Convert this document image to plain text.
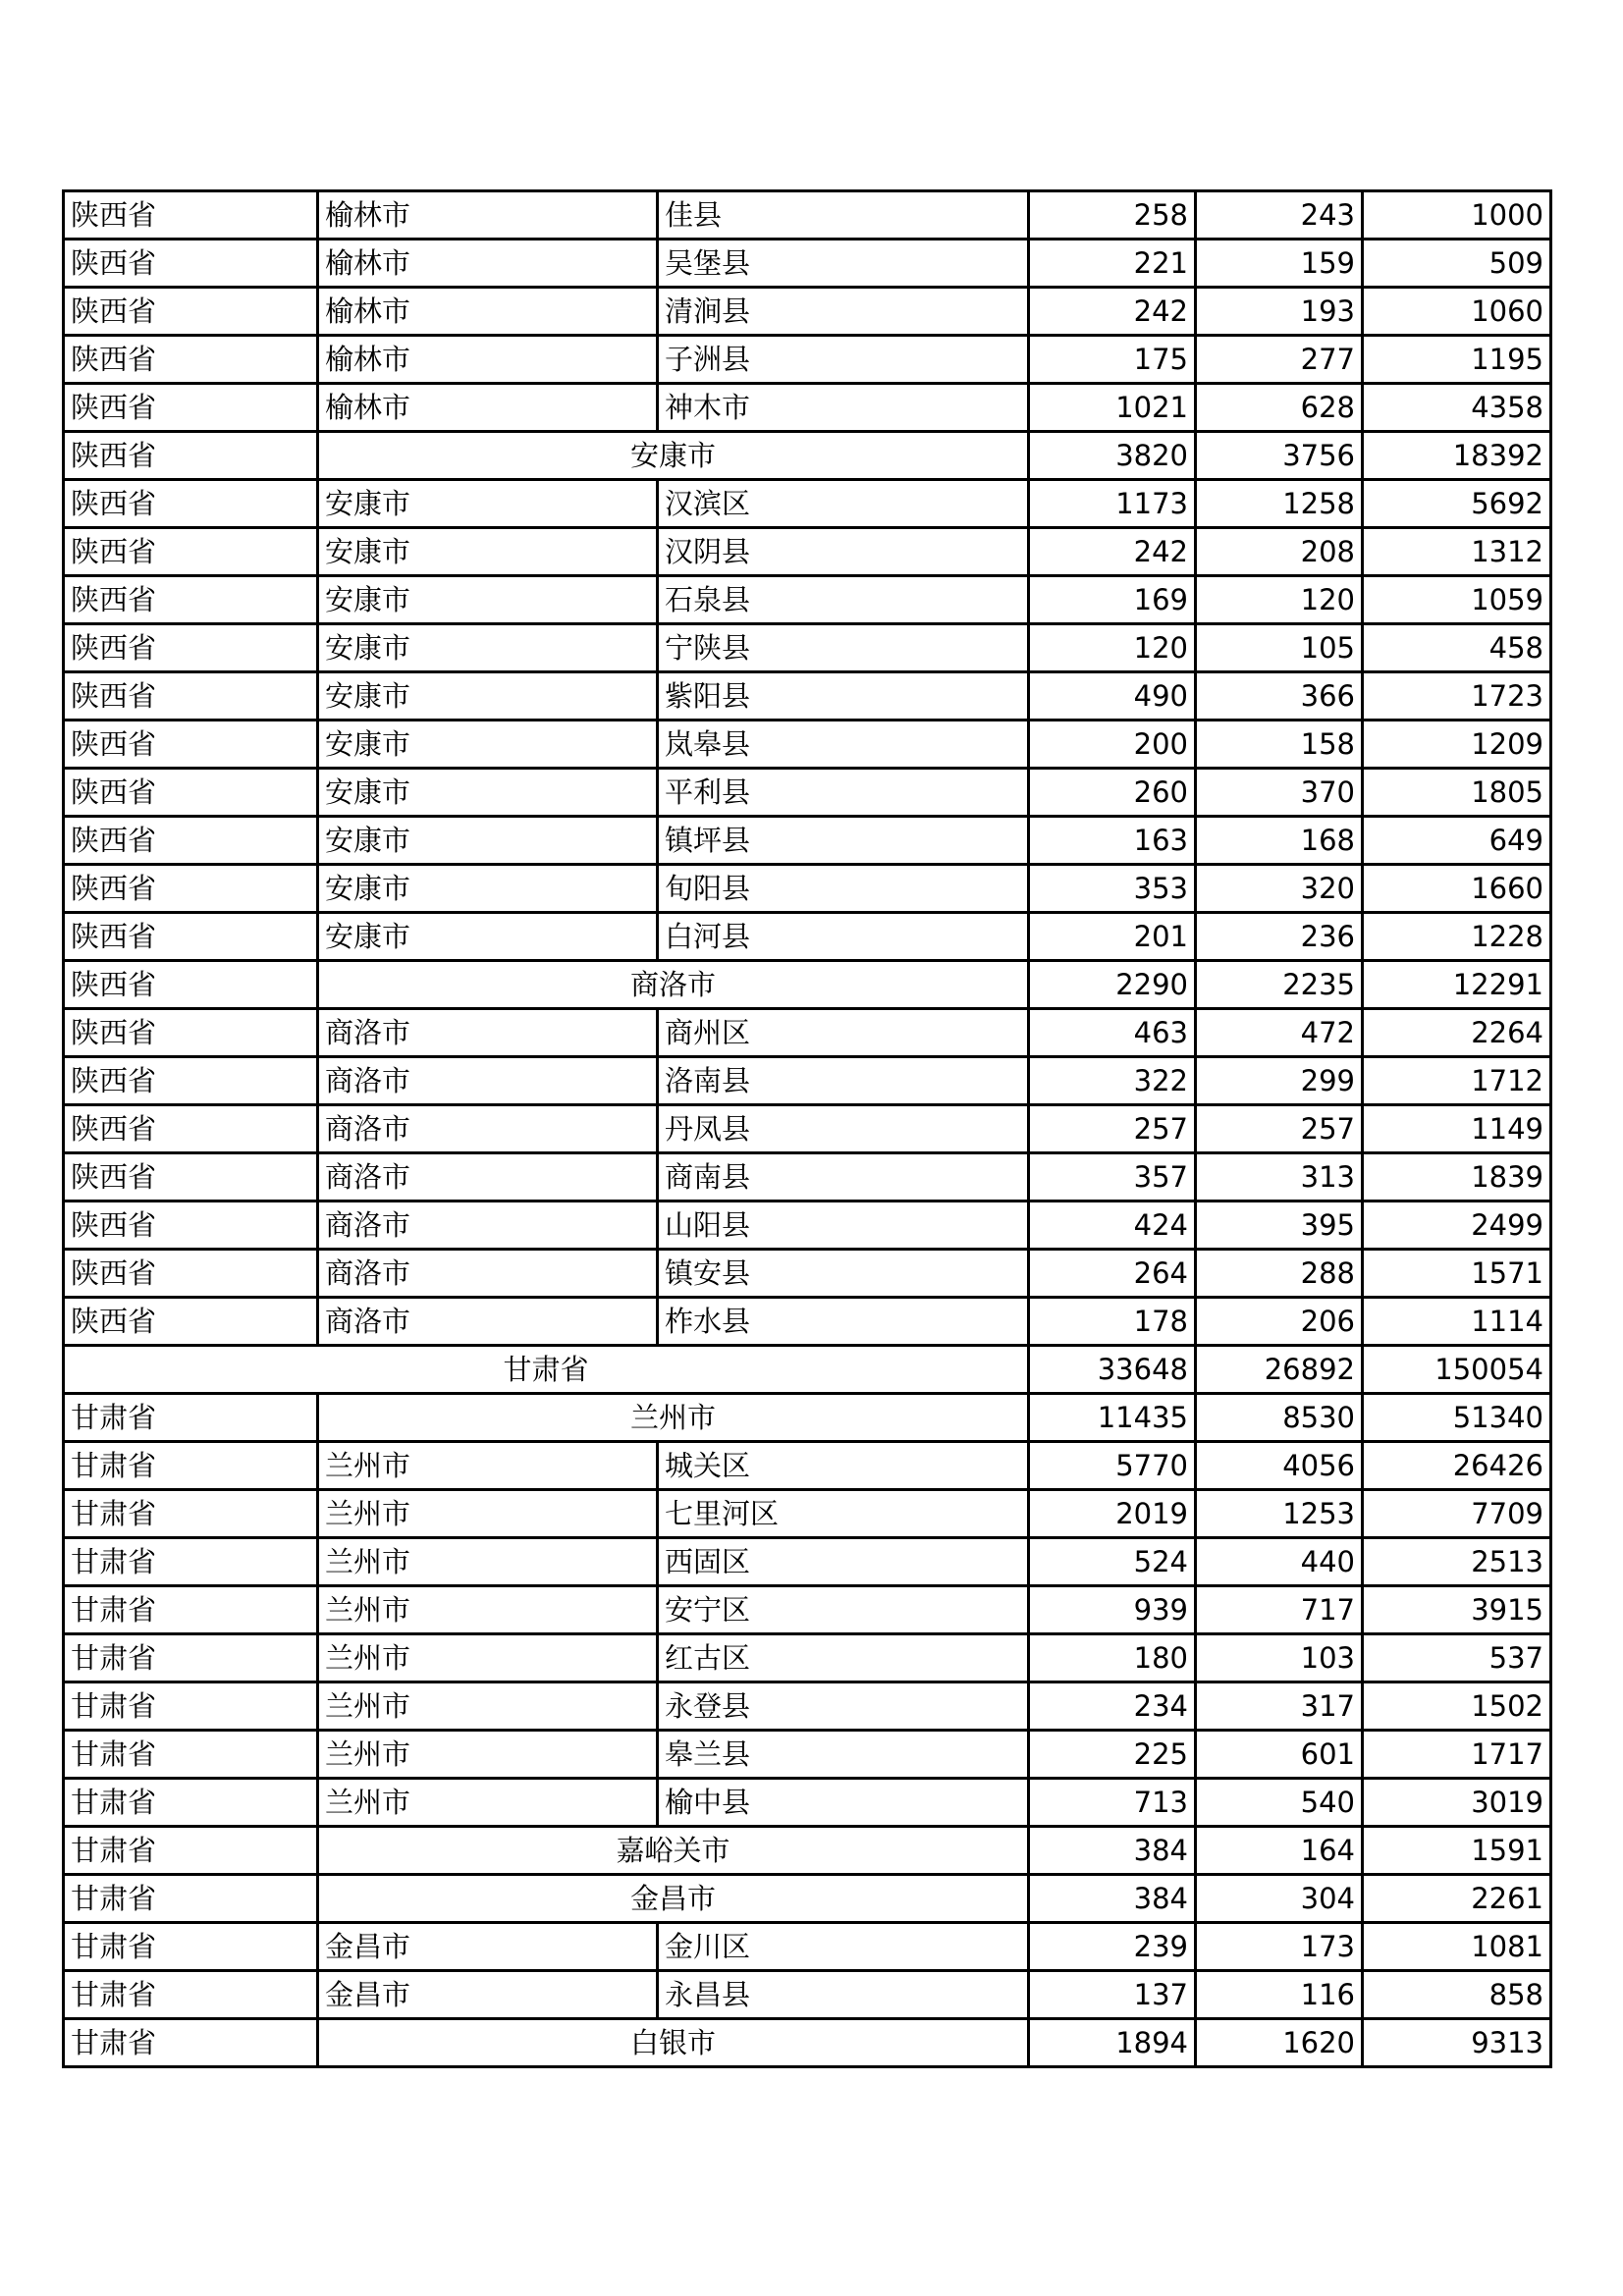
陕西省	榆林市	佳县	258	243	1000
陕西省	榆林市	吴堡县	221	159	509
陕西省	榆林市	清涧县	242	193	1060
陕西省	榆林市	子洲县	175	277	1195
陕西省	榆林市	神木市	1021	628	4358
陕西省	安康市		3820	3756	18392
陕西省	安康市	汉滨区	1173	1258	5692
陕西省	安康市	汉阴县	242	208	1312
陕西省	安康市	石泉县	169	120	1059
陕西省	安康市	宁陕县	120	105	458
陕西省	安康市	紫阳县	490	366	1723
陕西省	安康市	岚皋县	200	158	1209
陕西省	安康市	平利县	260	370	1805
陕西省	安康市	镇坪县	163	168	649
陕西省	安康市	旬阳县	353	320	1660
陕西省	安康市	白河县	201	236	1228
陕西省	商洛市		2290	2235	12291
陕西省	商洛市	商州区	463	472	2264
陕西省	商洛市	洛南县	322	299	1712
陕西省	商洛市	丹凤县	257	257	1149
陕西省	商洛市	商南县	357	313	1839
陕西省	商洛市	山阳县	424	395	2499
陕西省	商洛市	镇安县	264	288	1571
陕西省	商洛市	柞水县	178	206	1114
甘肃省			33648	26892	150054
甘肃省	兰州市		11435	8530	51340
甘肃省	兰州市	城关区	5770	4056	26426
甘肃省	兰州市	七里河区	2019	1253	7709
甘肃省	兰州市	西固区	524	440	2513
甘肃省	兰州市	安宁区	939	717	3915
甘肃省	兰州市	红古区	180	103	537
甘肃省	兰州市	永登县	234	317	1502
甘肃省	兰州市	皋兰县	225	601	1717
甘肃省	兰州市	榆中县	713	540	3019
甘肃省	嘉峪关市		384	164	1591
甘肃省	金昌市		384	304	2261
甘肃省	金昌市	金川区	239	173	1081
甘肃省	金昌市	永昌县	137	116	858
甘肃省	白银市		1894	1620	9313
